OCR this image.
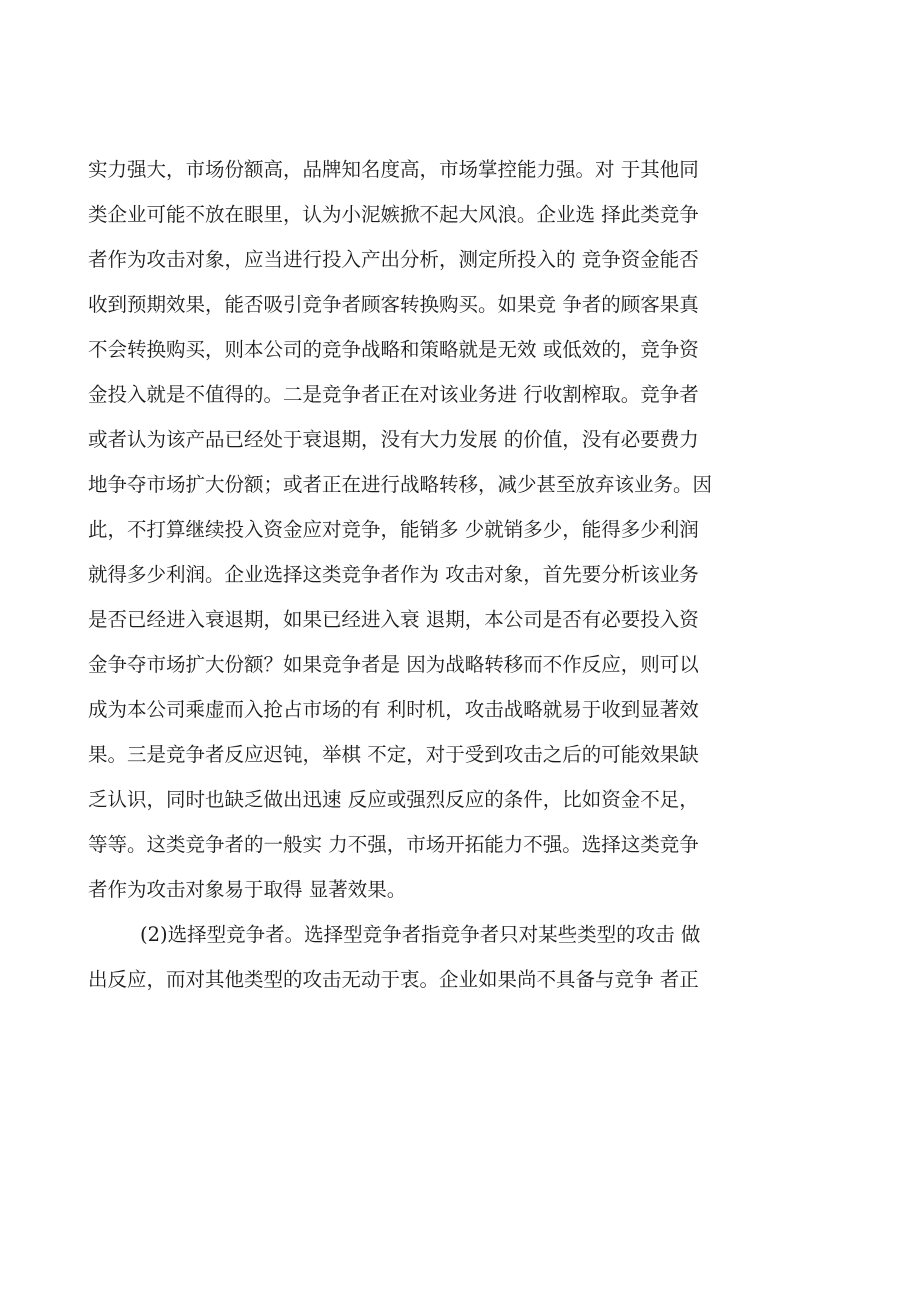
实力强大，市场份额高，品牌知名度高，市场掌控能力强。对 于其他同
类企业可能不放在眼里，认为小泥嫉掀不起大风浪。企业选 择此类竞争
者作为攻击对象，应当进行投入产出分析，测定所投入的 竞争资金能否
收到预期效果，能否吸引竞争者顾客转换购买。如果竞 争者的顾客果真
不会转换购买，则本公司的竞争战略和策略就是无效 或低效的，竞争资
金投入就是不值得的。二是竞争者正在对该业务进 行收割榨取。竞争者
或者认为该产品已经处于衰退期，没有大力发展 的价值，没有必要费力
地争夺市场扩大份额；或者正在进行战略转移，减少甚至放弃该业务。因
此，不打算继续投入资金应对竞争，能销多 少就销多少，能得多少利润
就得多少利润。企业选择这类竞争者作为 攻击对象，首先要分析该业务
是否已经进入衰退期，如果已经进入衰 退期，本公司是否有必要投入资
金争夺市场扩大份额？如果竞争者是 因为战略转移而不作反应，则可以
成为本公司乘虚而入抢占市场的有 利时机，攻击战略就易于收到显著效
果。三是竞争者反应迟钝，举棋 不定，对于受到攻击之后的可能效果缺
乏认识，同时也缺乏做出迅速 反应或强烈反应的条件，比如资金不足，
等等。这类竞争者的一般实 力不强，市场开拓能力不强。选择这类竞争
者作为攻击对象易于取得 显著效果。
(2)选择型竞争者。选择型竞争者指竞争者只对某些类型的攻击 做
出反应，而对其他类型的攻击无动于衷。企业如果尚不具备与竞争 者正
